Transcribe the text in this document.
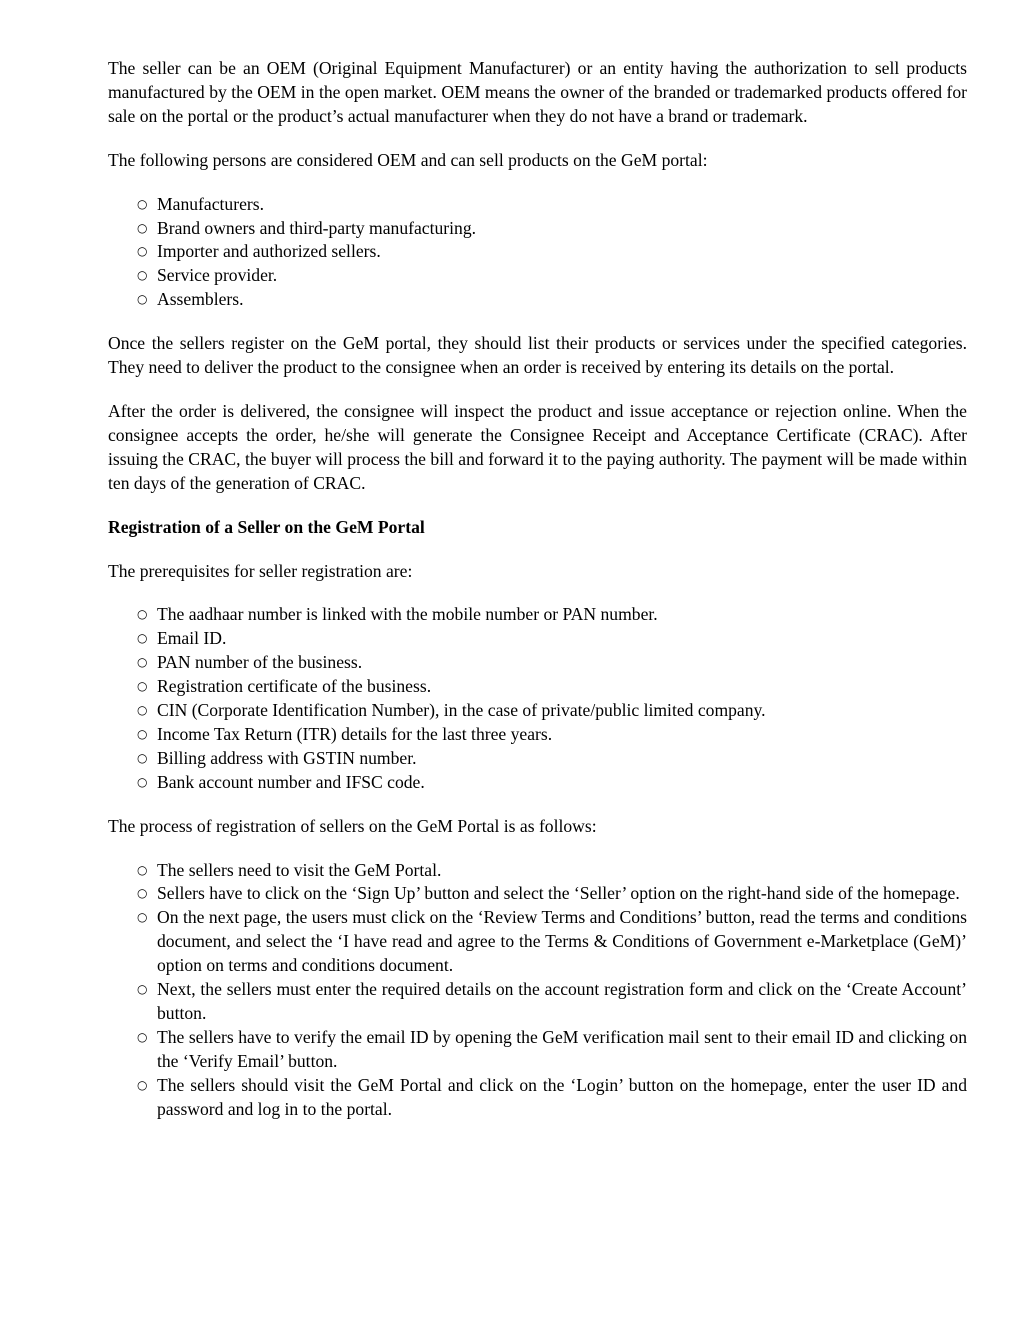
The seller can be an OEM (Original Equipment Manufacturer) or an entity having the authorization to sell products manufactured by the OEM in the open market. OEM means the owner of the branded or trademarked products offered for sale on the portal or the product’s actual manufacturer when they do not have a brand or trademark.

The following persons are considered OEM and can sell products on the GeM portal:

○ Manufacturers.
○ Brand owners and third-party manufacturing.
○ Importer and authorized sellers.
○ Service provider.
○ Assemblers.

Once the sellers register on the GeM portal, they should list their products or services under the specified categories. They need to deliver the product to the consignee when an order is received by entering its details on the portal.

After the order is delivered, the consignee will inspect the product and issue acceptance or rejection online. When the consignee accepts the order, he/she will generate the Consignee Receipt and Acceptance Certificate (CRAC). After issuing the CRAC, the buyer will process the bill and forward it to the paying authority. The payment will be made within ten days of the generation of CRAC.

Registration of a Seller on the GeM Portal

The prerequisites for seller registration are:

○ The aadhaar number is linked with the mobile number or PAN number.
○ Email ID.
○ PAN number of the business.
○ Registration certificate of the business.
○ CIN (Corporate Identification Number), in the case of private/public limited company.
○ Income Tax Return (ITR) details for the last three years.
○ Billing address with GSTIN number.
○ Bank account number and IFSC code.

The process of registration of sellers on the GeM Portal is as follows:

○ The sellers need to visit the GeM Portal.
○ Sellers have to click on the ‘Sign Up’ button and select the ‘Seller’ option on the right-hand side of the homepage.
○ On the next page, the users must click on the ‘Review Terms and Conditions’ button, read the terms and conditions document, and select the ‘I have read and agree to the Terms & Conditions of Government e-Marketplace (GeM)’ option on terms and conditions document.
○ Next, the sellers must enter the required details on the account registration form and click on the ‘Create Account’ button.
○ The sellers have to verify the email ID by opening the GeM verification mail sent to their email ID and clicking on the ‘Verify Email’ button.
○ The sellers should visit the GeM Portal and click on the ‘Login’ button on the homepage, enter the user ID and password and log in to the portal.
